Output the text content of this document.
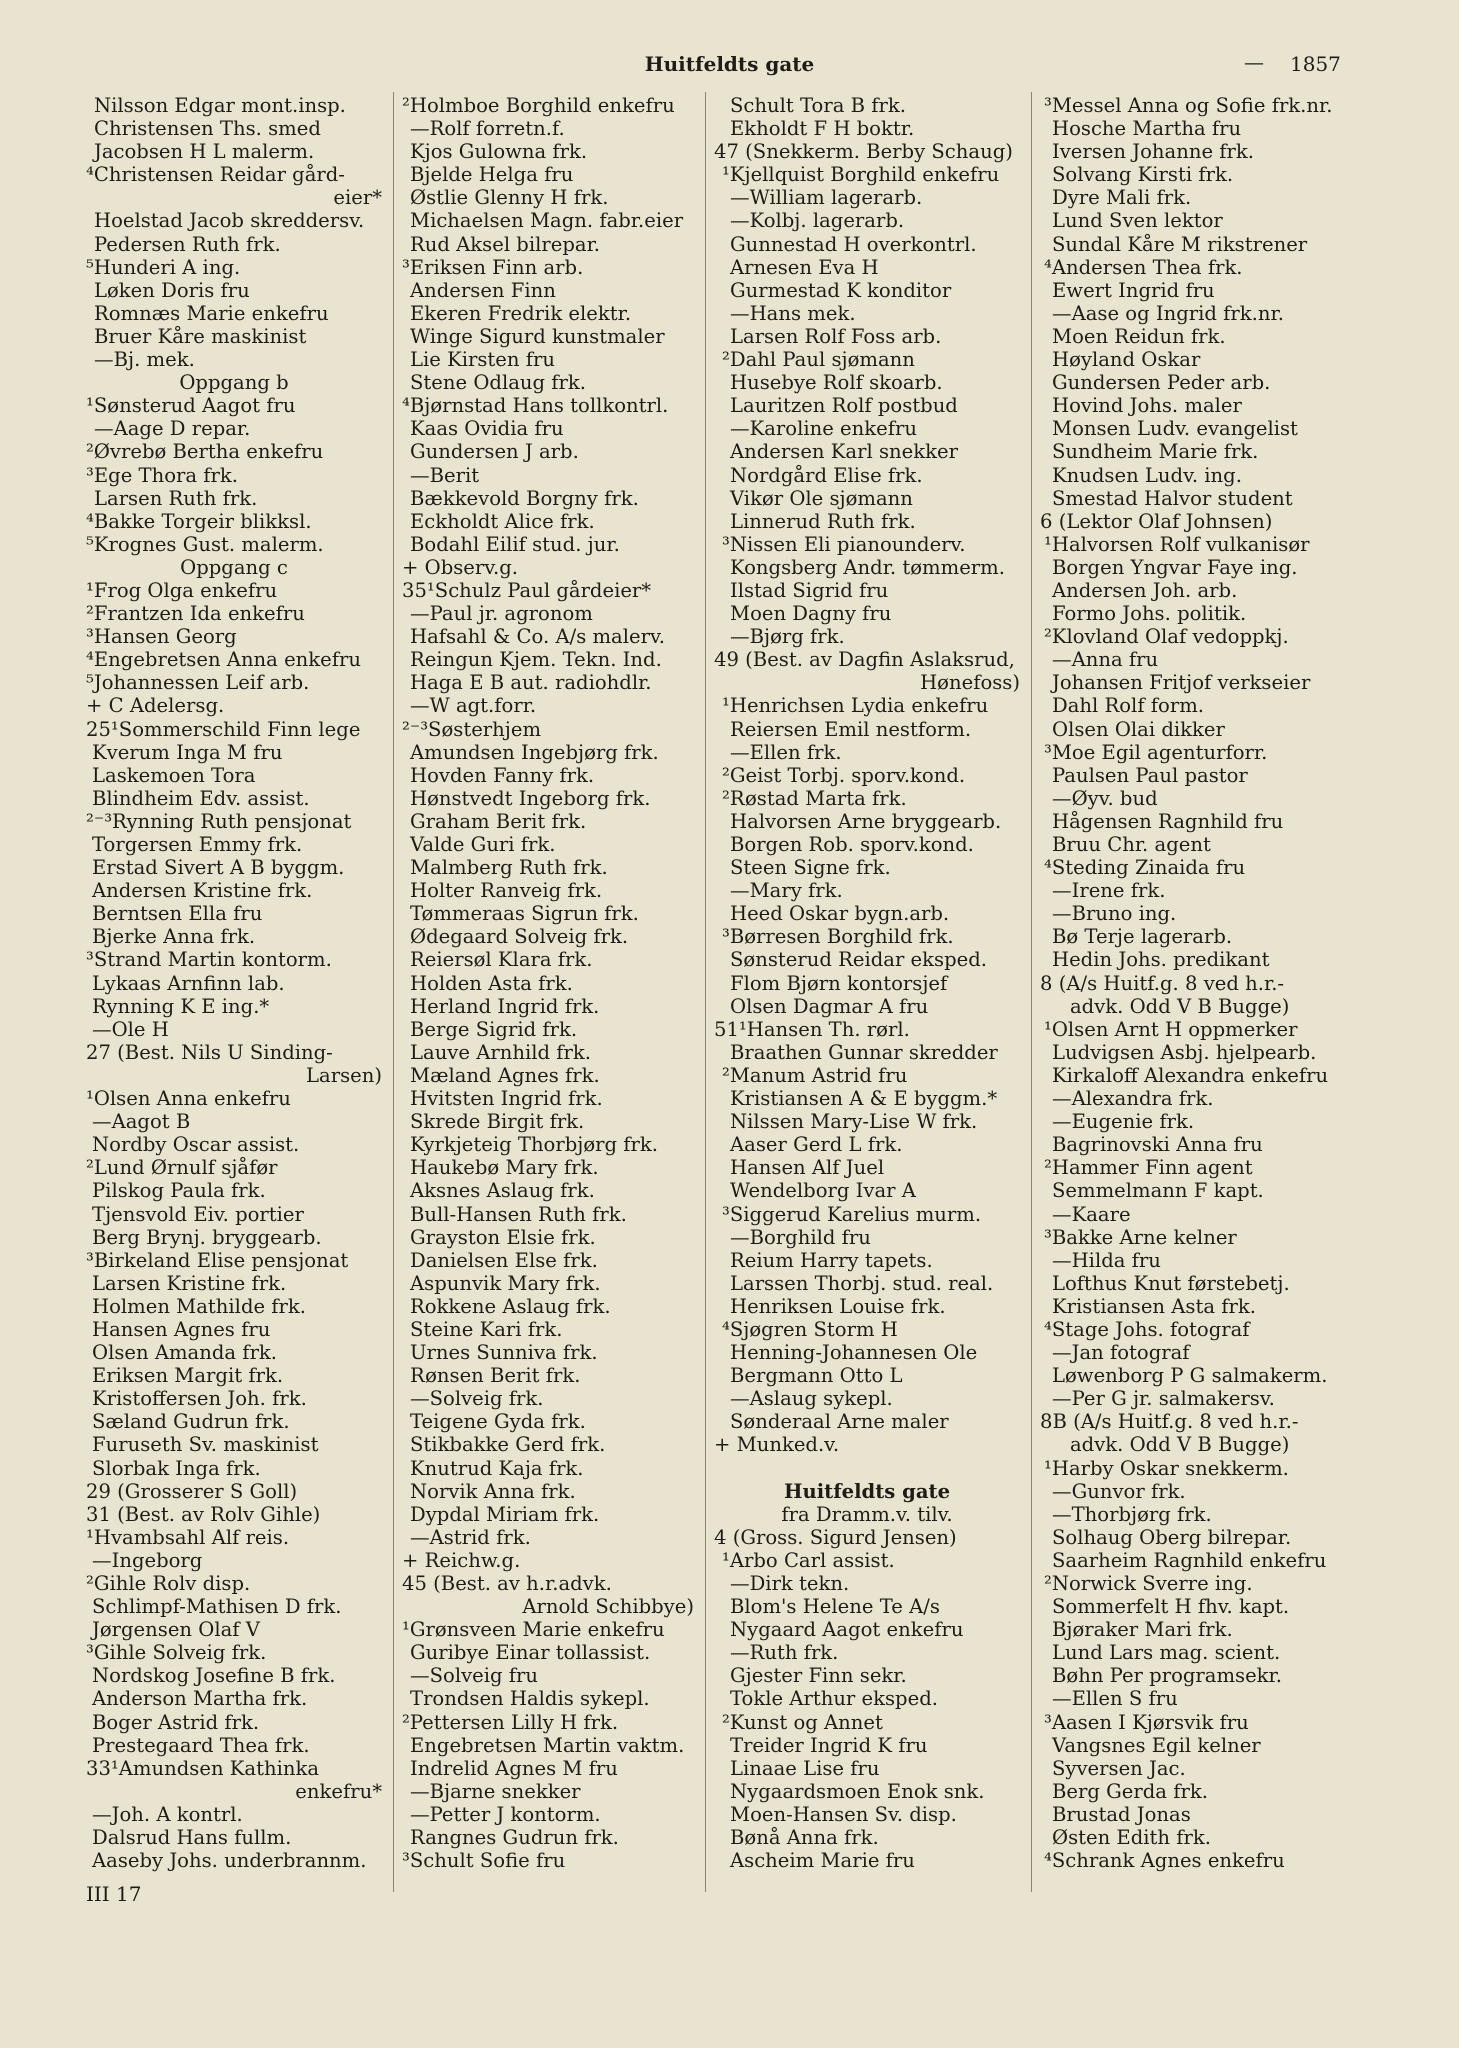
Huitfeldts gate	— 1857
Nilsson Edgar mont.insp.
Christensen Ths. smed
Jacobsen H L malerm.
⁴Christensen Reidar gård-
eier*
Hoelstad Jacob skreddersv.
Pedersen Ruth frk.
⁵Hunderi A ing.
Løken Doris fru
Romnæs Marie enkefru
Bruer Kåre maskinist
—Bj. mek.
Oppgang b
¹Sønsterud Aagot fru
—Aage D repar.
²Øvrebø Bertha enkefru
³Ege Thora frk.
Larsen Ruth frk.
⁴Bakke Torgeir blikksl.
⁵Krognes Gust. malerm.
Oppgang c
¹Frog Olga enkefru
²Frantzen Ida enkefru
³Hansen Georg
⁴Engebretsen Anna enkefru
⁵Johannessen Leif arb.
+ C Adelersg.
25¹Sommerschild Finn lege
Kverum Inga M fru
Laskemoen Tora
Blindheim Edv. assist.
²⁻³Rynning Ruth pensjonat
Torgersen Emmy frk.
Erstad Sivert A B byggm.
Andersen Kristine frk.
Berntsen Ella fru
Bjerke Anna frk.
³Strand Martin kontorm.
Lykaas Arnfinn lab.
Rynning K E ing.*
—Ole H
27 (Best. Nils U Sinding-
Larsen)
¹Olsen Anna enkefru
—Aagot B
Nordby Oscar assist.
²Lund Ørnulf sjåfør
Pilskog Paula frk.
Tjensvold Eiv. portier
Berg Brynj. bryggearb.
³Birkeland Elise pensjonat
Larsen Kristine frk.
Holmen Mathilde frk.
Hansen Agnes fru
Olsen Amanda frk.
Eriksen Margit frk.
Kristoffersen Joh. frk.
Sæland Gudrun frk.
Furuseth Sv. maskinist
Slorbak Inga frk.
29 (Grosserer S Goll)
31 (Best. av Rolv Gihle)
¹Hvambsahl Alf reis.
—Ingeborg
²Gihle Rolv disp.
Schlimpf-Mathisen D frk.
Jørgensen Olaf V
³Gihle Solveig frk.
Nordskog Josefine B frk.
Anderson Martha frk.
Boger Astrid frk.
Prestegaard Thea frk.
33¹Amundsen Kathinka
enkefru*
—Joh. A kontrl.
Dalsrud Hans fullm.
Aaseby Johs. underbrannm.
²Holmboe Borghild enkefru
—Rolf forretn.f.
Kjos Gulowna frk.
Bjelde Helga fru
Østlie Glenny H frk.
Michaelsen Magn. fabr.eier
Rud Aksel bilrepar.
³Eriksen Finn arb.
Andersen Finn
Ekeren Fredrik elektr.
Winge Sigurd kunstmaler
Lie Kirsten fru
Stene Odlaug frk.
⁴Bjørnstad Hans tollkontrl.
Kaas Ovidia fru
Gundersen J arb.
—Berit
Bækkevold Borgny frk.
Eckholdt Alice frk.
Bodahl Eilif stud. jur.
+ Observ.g.
35¹Schulz Paul gårdeier*
—Paul jr. agronom
Hafsahl & Co. A/s malerv.
Reingun Kjem. Tekn. Ind.
Haga E B aut. radiohdlr.
—W agt.forr.
²⁻³Søsterhjem
Amundsen Ingebjørg frk.
Hovden Fanny frk.
Hønstvedt Ingeborg frk.
Graham Berit frk.
Valde Guri frk.
Malmberg Ruth frk.
Holter Ranveig frk.
Tømmeraas Sigrun frk.
Ødegaard Solveig frk.
Reiersøl Klara frk.
Holden Asta frk.
Herland Ingrid frk.
Berge Sigrid frk.
Lauve Arnhild frk.
Mæland Agnes frk.
Hvitsten Ingrid frk.
Skrede Birgit frk.
Kyrkjeteig Thorbjørg frk.
Haukebø Mary frk.
Aksnes Aslaug frk.
Bull-Hansen Ruth frk.
Grayston Elsie frk.
Danielsen Else frk.
Aspunvik Mary frk.
Rokkene Aslaug frk.
Steine Kari frk.
Urnes Sunniva frk.
Rønsen Berit frk.
—Solveig frk.
Teigene Gyda frk.
Stikbakke Gerd frk.
Knutrud Kaja frk.
Norvik Anna frk.
Dypdal Miriam frk.
—Astrid frk.
+ Reichw.g.
45 (Best. av h.r.advk.
Arnold Schibbye)
¹Grønsveen Marie enkefru
Guribye Einar tollassist.
—Solveig fru
Trondsen Haldis sykepl.
²Pettersen Lilly H frk.
Engebretsen Martin vaktm.
Indrelid Agnes M fru
—Bjarne snekker
—Petter J kontorm.
Rangnes Gudrun frk.
³Schult Sofie fru
Schult Tora B frk.
Ekholdt F H boktr.
47 (Snekkerm. Berby Schaug)
¹Kjellquist Borghild enkefru
—William lagerarb.
—Kolbj. lagerarb.
Gunnestad H overkontrl.
Arnesen Eva H
Gurmestad K konditor
—Hans mek.
Larsen Rolf Foss arb.
²Dahl Paul sjømann
Husebye Rolf skoarb.
Lauritzen Rolf postbud
—Karoline enkefru
Andersen Karl snekker
Nordgård Elise frk.
Vikør Ole sjømann
Linnerud Ruth frk.
³Nissen Eli pianounderv.
Kongsberg Andr. tømmerm.
Ilstad Sigrid fru
Moen Dagny fru
—Bjørg frk.
49 (Best. av Dagfin Aslaksrud,
Hønefoss)
¹Henrichsen Lydia enkefru
Reiersen Emil nestform.
—Ellen frk.
²Geist Torbj. sporv.kond.
²Røstad Marta frk.
Halvorsen Arne bryggearb.
Borgen Rob. sporv.kond.
Steen Signe frk.
—Mary frk.
Heed Oskar bygn.arb.
³Børresen Borghild frk.
Sønsterud Reidar eksped.
Flom Bjørn kontorsjef
Olsen Dagmar A fru
51¹Hansen Th. rørl.
Braathen Gunnar skredder
²Manum Astrid fru
Kristiansen A & E byggm.*
Nilssen Mary-Lise W frk.
Aaser Gerd L frk.
Hansen Alf Juel
Wendelborg Ivar A
³Siggerud Karelius murm.
—Borghild fru
Reium Harry tapets.
Larssen Thorbj. stud. real.
Henriksen Louise frk.
⁴Sjøgren Storm H
Henning-Johannesen Ole
Bergmann Otto L
—Aslaug sykepl.
Sønderaal Arne maler
+ Munked.v.
Huitfeldts gate
fra Dramm.v. tilv.
4 (Gross. Sigurd Jensen)
¹Arbo Carl assist.
—Dirk tekn.
Blom's Helene Te A/s
Nygaard Aagot enkefru
—Ruth frk.
Gjester Finn sekr.
Tokle Arthur eksped.
²Kunst og Annet
Treider Ingrid K fru
Linaae Lise fru
Nygaardsmoen Enok snk.
Moen-Hansen Sv. disp.
Bønå Anna frk.
Ascheim Marie fru
³Messel Anna og Sofie frk.nr.
Hosche Martha fru
Iversen Johanne frk.
Solvang Kirsti frk.
Dyre Mali frk.
Lund Sven lektor
Sundal Kåre M rikstrener
⁴Andersen Thea frk.
Ewert Ingrid fru
—Aase og Ingrid frk.nr.
Moen Reidun frk.
Høyland Oskar
Gundersen Peder arb.
Hovind Johs. maler
Monsen Ludv. evangelist
Sundheim Marie frk.
Knudsen Ludv. ing.
Smestad Halvor student
6 (Lektor Olaf Johnsen)
¹Halvorsen Rolf vulkanisør
Borgen Yngvar Faye ing.
Andersen Joh. arb.
Formo Johs. politik.
²Klovland Olaf vedoppkj.
—Anna fru
Johansen Fritjof verkseier
Dahl Rolf form.
Olsen Olai dikker
³Moe Egil agenturforr.
Paulsen Paul pastor
—Øyv. bud
Hågensen Ragnhild fru
Bruu Chr. agent
⁴Steding Zinaida fru
—Irene frk.
—Bruno ing.
Bø Terje lagerarb.
Hedin Johs. predikant
8 (A/s Huitf.g. 8 ved h.r.-
advk. Odd V B Bugge)
¹Olsen Arnt H oppmerker
Ludvigsen Asbj. hjelpearb.
Kirkaloff Alexandra enkefru
—Alexandra frk.
—Eugenie frk.
Bagrinovski Anna fru
²Hammer Finn agent
Semmelmann F kapt.
—Kaare
³Bakke Arne kelner
—Hilda fru
Lofthus Knut førstebetj.
Kristiansen Asta frk.
⁴Stage Johs. fotograf
—Jan fotograf
Løwenborg P G salmakerm.
—Per G jr. salmakersv.
8B (A/s Huitf.g. 8 ved h.r.-
advk. Odd V B Bugge)
¹Harby Oskar snekkerm.
—Gunvor frk.
—Thorbjørg frk.
Solhaug Oberg bilrepar.
Saarheim Ragnhild enkefru
²Norwick Sverre ing.
Sommerfelt H fhv. kapt.
Bjøraker Mari frk.
Lund Lars mag. scient.
Bøhn Per programsekr.
—Ellen S fru
³Aasen I Kjørsvik fru
Vangsnes Egil kelner
Syversen Jac.
Berg Gerda frk.
Brustad Jonas
Østen Edith frk.
⁴Schrank Agnes enkefru
III 17
